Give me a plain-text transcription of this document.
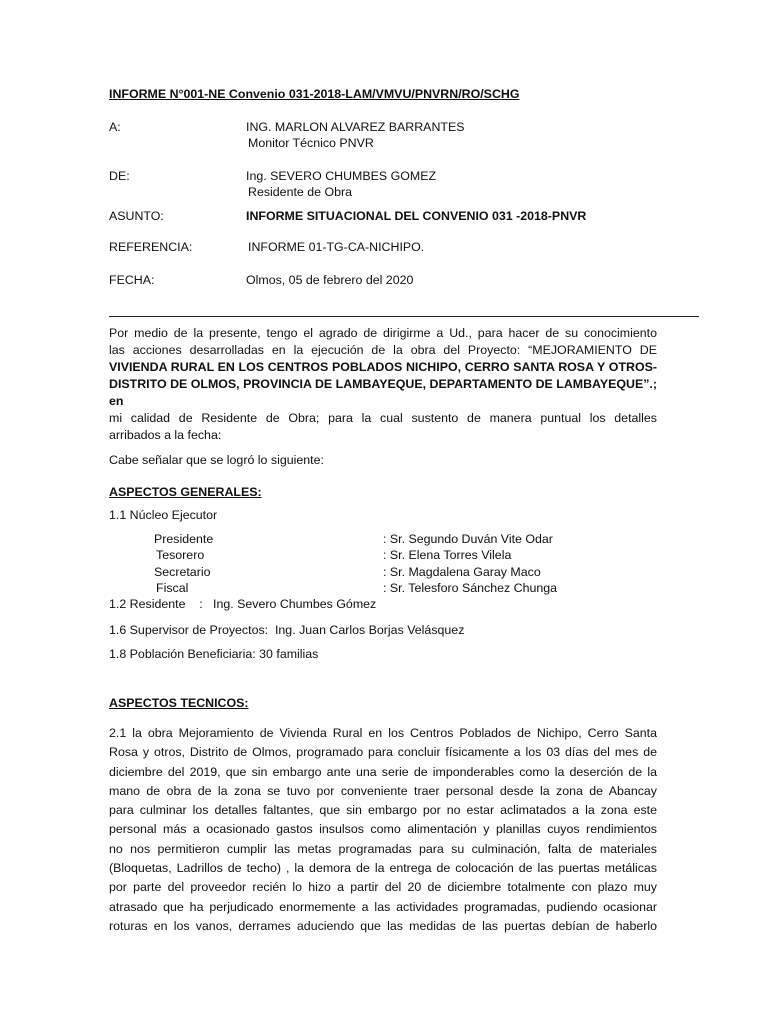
INFORME N°001-NE Convenio 031-2018-LAM/VMVU/PNVRN/RO/SCHG
A:	ING. MARLON ALVAREZ BARRANTES
Monitor Técnico PNVR
DE:	Ing. SEVERO CHUMBES GOMEZ
Residente de Obra
ASUNTO:	INFORME SITUACIONAL DEL CONVENIO 031 -2018-PNVR
REFERENCIA:	INFORME 01-TG-CA-NICHIPO.
FECHA:	Olmos, 05 de febrero del 2020
Por medio de la presente, tengo el agrado de dirigirme a Ud., para hacer de su conocimiento
las acciones desarrolladas en la ejecución de la obra del Proyecto: “MEJORAMIENTO DE
VIVIENDA RURAL EN LOS CENTROS POBLADOS NICHIPO, CERRO SANTA ROSA Y OTROS-
DISTRITO DE OLMOS, PROVINCIA DE LAMBAYEQUE, DEPARTAMENTO DE LAMBAYEQUE”.; en
mi calidad de Residente de Obra; para la cual sustento de manera puntual los detalles
arribados a la fecha:
Cabe señalar que se logró lo siguiente:
ASPECTOS GENERALES:
1.1 Núcleo Ejecutor
Presidente	: Sr. Segundo Duván Vite Odar
Tesorero	: Sr. Elena Torres Vilela
Secretario	: Sr. Magdalena Garay Maco
Fiscal	: Sr. Telesforo Sánchez Chunga
1.2 Residente    :   Ing. Severo Chumbes Gómez
1.6 Supervisor de Proyectos:  Ing. Juan Carlos Borjas Velásquez
1.8 Población Beneficiaria: 30 familias
ASPECTOS TECNICOS:
2.1 la obra Mejoramiento de Vivienda Rural en los Centros Poblados de Nichipo, Cerro Santa
Rosa y otros, Distrito de Olmos, programado para concluir físicamente a los 03 días del mes de
diciembre del 2019, que sin embargo ante una serie de imponderables como la deserción de la
mano de obra de la zona se tuvo por conveniente traer personal desde la zona de Abancay
para culminar los detalles faltantes, que sin embargo por no estar aclimatados a la zona este
personal más a ocasionado gastos insulsos como alimentación y planillas cuyos rendimientos
no nos permitieron cumplir las metas programadas para su culminación, falta de materiales
(Bloquetas, Ladrillos de techo) , la demora de la entrega de colocación de las puertas metálicas
por parte del proveedor recién lo hizo a partir del 20 de diciembre totalmente con plazo muy
atrasado que ha perjudicado enormemente a las actividades programadas, pudiendo ocasionar
roturas en los vanos, derrames aduciendo que las medidas de las puertas debían de haberlo
